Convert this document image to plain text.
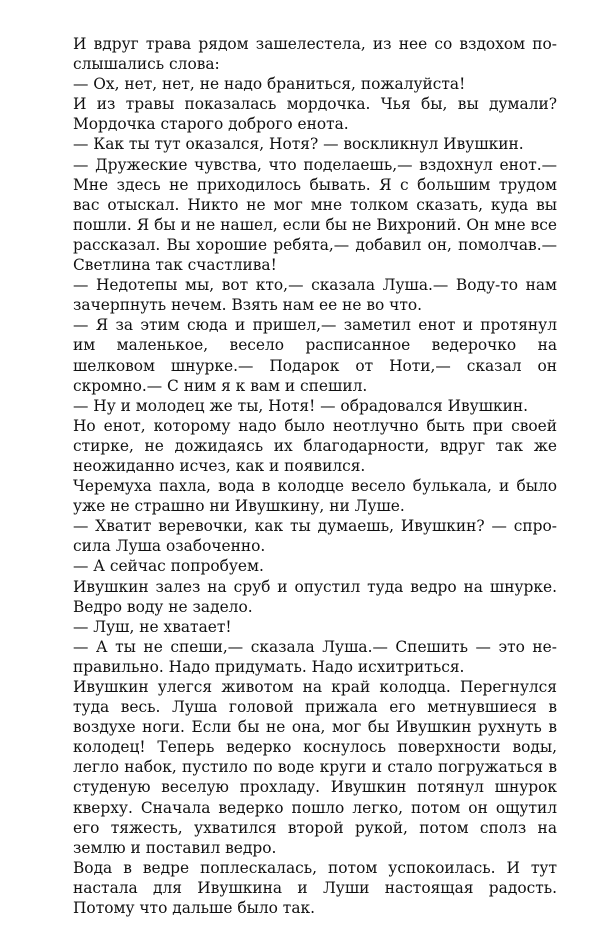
И вдруг трава рядом зашелестела, из нее со вздохом послышались слова:

— Ох, нет, нет, не надо браниться, пожалуйста!

И из травы показалась мордочка. Чья бы, вы думали? Мордочка старого доброго енота.

— Как ты тут оказался, Нотя? — воскликнул Ивушкин.

— Дружеские чувства, что поделаешь,— вздохнул енот.— Мне здесь не приходилось бывать. Я с большим трудом вас отыскал. Никто не мог мне толком сказать, куда вы пошли. Я бы и не нашел, если бы не Вихроний. Он мне все рассказал. Вы хорошие ребята,— добавил он, помолчав.— Светлина так счастлива!

— Недотепы мы, вот кто,— сказала Луша.— Воду-то нам зачерпнуть нечем. Взять нам ее не во что.

— Я за этим сюда и пришел,— заметил енот и протянул им маленькое, весело расписанное ведерочко на шелковом шнурке.— Подарок от Ноти,— сказал он скромно.— С ним я к вам и спешил.

— Ну и молодец же ты, Нотя! — обрадовался Ивушкин.

Но енот, которому надо было неотлучно быть при своей стирке, не дожидаясь их благодарности, вдруг так же неожиданно исчез, как и появился.

Черемуха пахла, вода в колодце весело булькала, и было уже не страшно ни Ивушкину, ни Луше.

— Хватит веревочки, как ты думаешь, Ивушкин? — спросила Луша озабоченно.

— А сейчас попробуем.

Ивушкин залез на сруб и опустил туда ведро на шнурке. Ведро воду не задело.

— Луш, не хватает!

— А ты не спеши,— сказала Луша.— Спешить — это неправильно. Надо придумать. Надо исхитриться.

Ивушкин улегся животом на край колодца. Перегнулся туда весь. Луша головой прижала его метнувшиеся в воздухе ноги. Если бы не она, мог бы Ивушкин рухнуть в колодец! Теперь ведерко коснулось поверхности воды, легло набок, пустило по воде круги и стало погружаться в студеную веселую прохладу. Ивушкин потянул шнурок кверху. Сначала ведерко пошло легко, потом он ощутил его тяжесть, ухватился второй рукой, потом сполз на землю и поставил ведро.

Вода в ведре поплескалась, потом успокоилась. И тут настала для Ивушкина и Луши настоящая радость. Потому что дальше было так.
